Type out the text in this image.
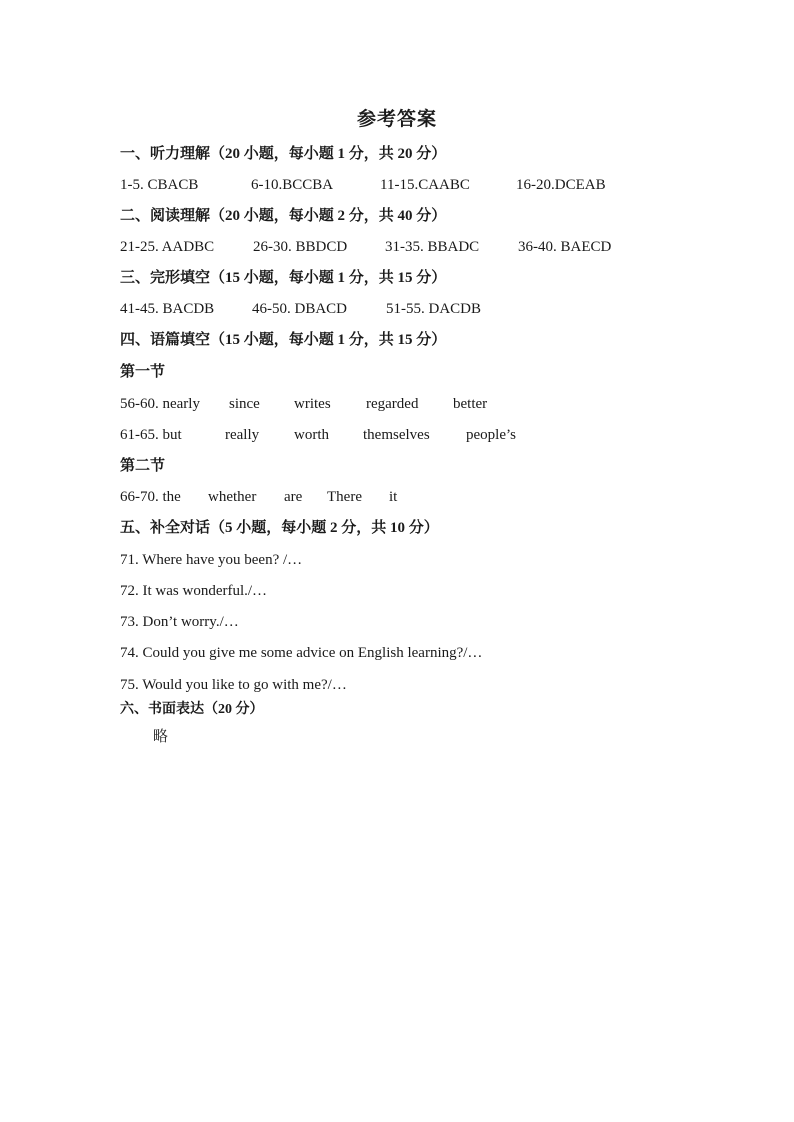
参考答案
一、听力理解（20 小题，每小题 1 分，共 20 分）
1-5. CBACB	6-10.BCCBA	11-15.CAABC	16-20.DCEAB
二、阅读理解（20 小题，每小题 2 分，共 40 分）
21-25. AADBC	26-30. BBDCD	31-35. BBADC	36-40. BAECD
三、完形填空（15 小题，每小题 1 分，共 15 分）
41-45. BACDB	46-50. DBACD	51-55. DACDB
四、语篇填空（15 小题，每小题 1 分，共 15 分）
第一节
56-60. nearly since writes regarded better
61-65. but	really worth themselves people’s
第二节
66-70. the whether are There it
五、补全对话（5 小题，每小题 2 分，共 10 分）
71. Where have you been? /…
72. It was wonderful./…
73. Don’t worry./…
74. Could you give me some advice on English learning?/…
75. Would you like to go with me?/…
六、书面表达（20 分）
略
